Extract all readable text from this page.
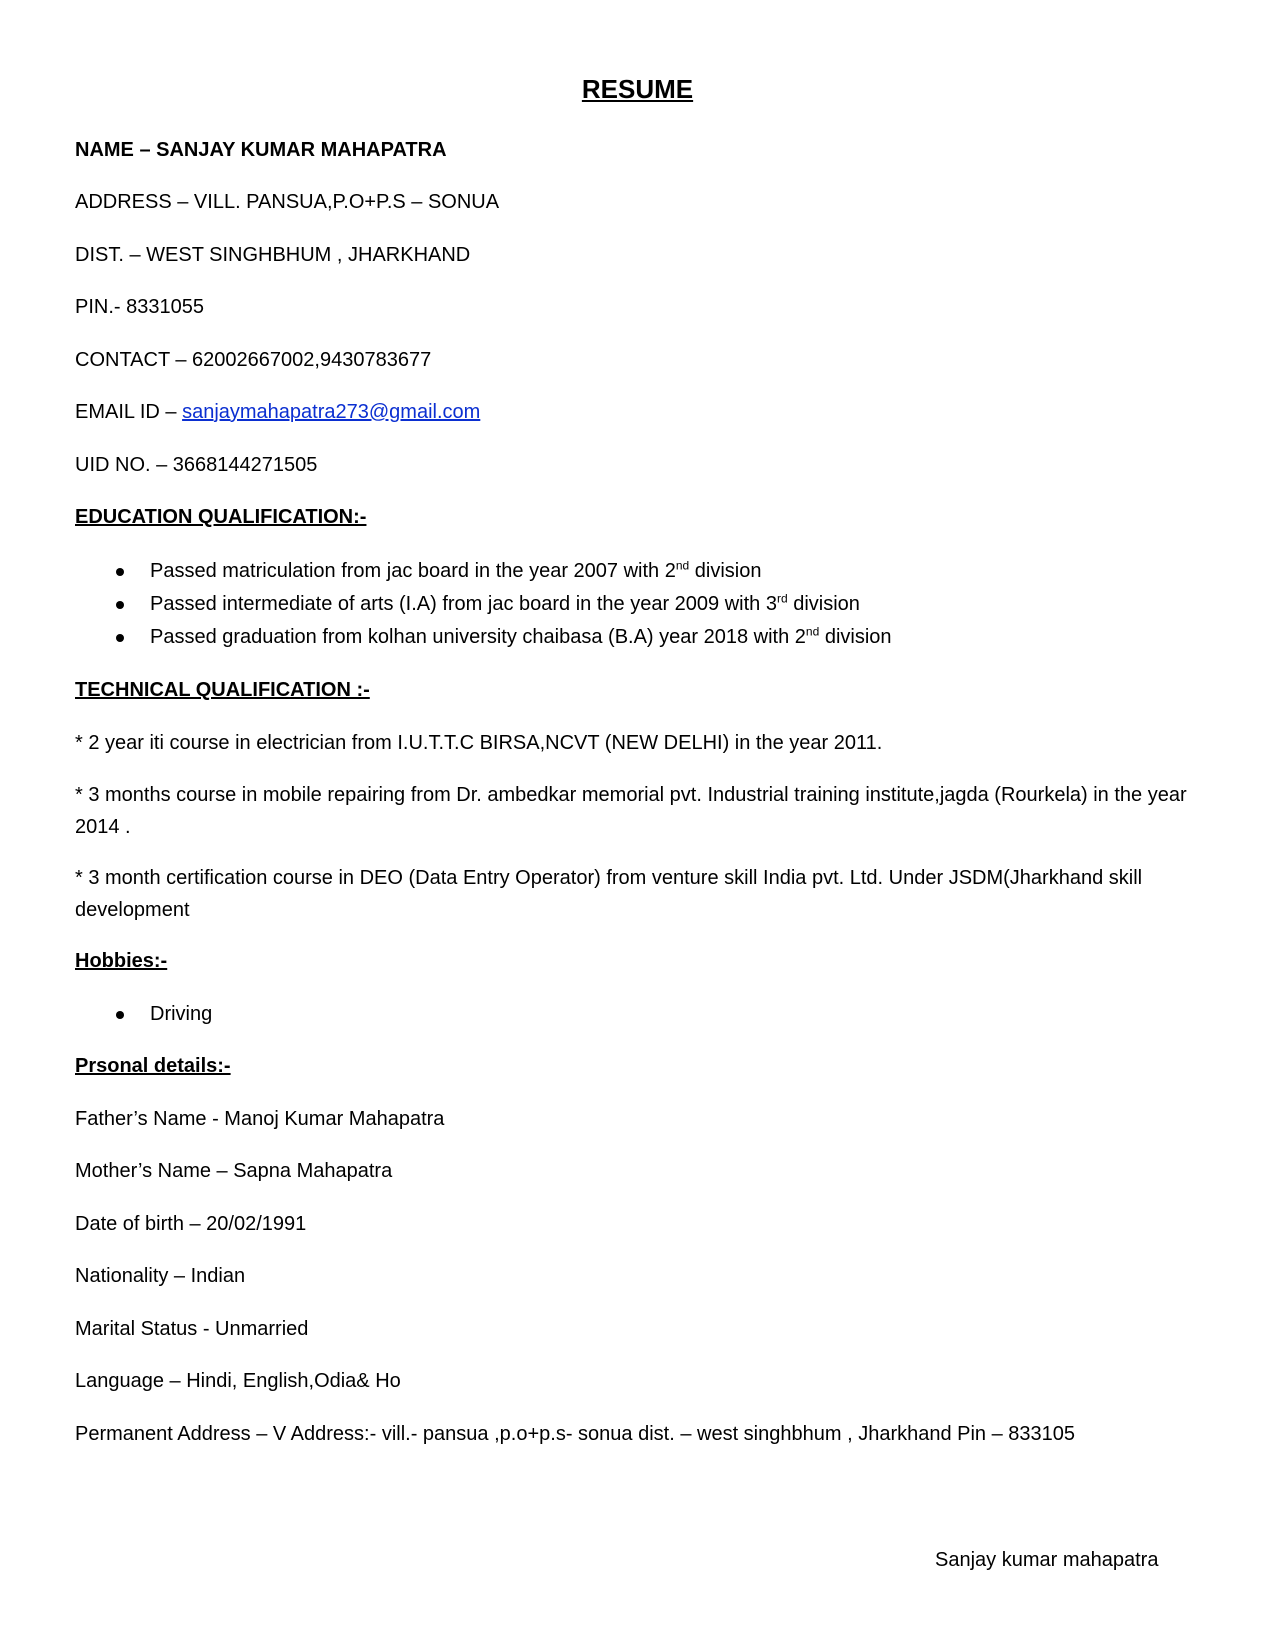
RESUME

NAME – SANJAY KUMAR MAHAPATRA

ADDRESS – VILL. PANSUA,P.O+P.S – SONUA

DIST. – WEST SINGHBHUM , JHARKHAND

PIN.- 8331055

CONTACT – 62002667002,9430783677

EMAIL ID – sanjaymahapatra273@gmail.com

UID NO. – 3668144271505

EDUCATION QUALIFICATION:-

Passed matriculation from jac board in the year 2007 with 2nd division
Passed intermediate of arts (I.A) from jac board in the year 2009 with 3rd division
Passed graduation from kolhan university chaibasa (B.A) year 2018 with 2nd division

TECHNICAL QUALIFICATION :-

* 2 year iti course in electrician from I.U.T.T.C BIRSA,NCVT (NEW DELHI) in the year 2011.

* 3 months course in mobile repairing from Dr. ambedkar memorial pvt. Industrial training institute,jagda (Rourkela) in the year 2014 .

* 3 month certification course in DEO (Data Entry Operator) from venture skill India pvt. Ltd. Under JSDM(Jharkhand skill development

Hobbies:-

Driving

Prsonal details:-

Father’s Name - Manoj Kumar Mahapatra

Mother’s Name – Sapna Mahapatra

Date of birth – 20/02/1991

Nationality – Indian

Marital Status - Unmarried

Language – Hindi, English,Odia& Ho

Permanent Address – V Address:- vill.- pansua ,p.o+p.s- sonua dist. – west singhbhum , Jharkhand Pin – 833105

Sanjay kumar mahapatra
